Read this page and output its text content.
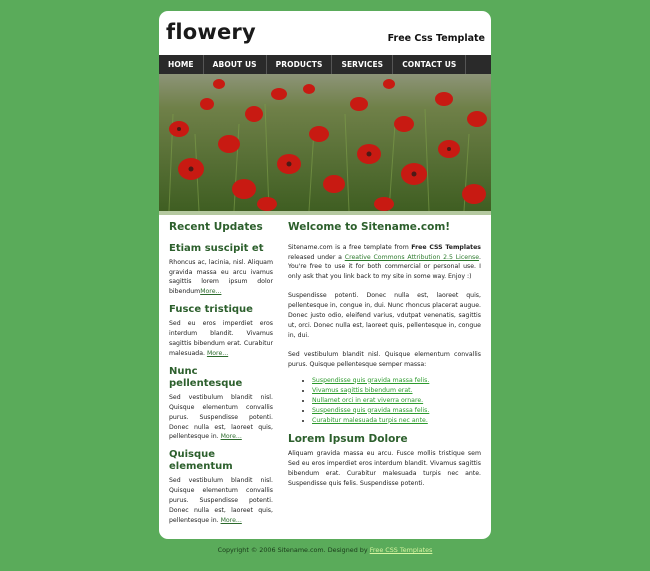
flowery	Free Css Template
HOME	ABOUT US	PRODUCTS	SERVICES	CONTACT US
Recent Updates
Etiam suscipit et

Rhoncus ac, lacinia, nisl. Aliquam gravida massa eu arcu ivamus sagittis lorem ipsum dolor bibendumMore...

Fusce tristique

Sed eu eros imperdiet eros interdum blandit. Vivamus sagittis bibendum erat. Curabitur malesuada. More...

Nunc pellentesque

Sed vestibulum blandit nisl. Quisque elementum convallis purus. Suspendisse potenti. Donec nulla est, laoreet quis, pellentesque in. More...

Quisque elementum

Sed vestibulum blandit nisl. Quisque elementum convallis purus. Suspendisse potenti. Donec nulla est, laoreet quis, pellentesque in. More...

Welcome to Sitename.com!

Sitename.com is a free template from Free CSS Templates released under a Creative Commons Attribution 2.5 License. You're free to use it for both commercial or personal use. I only ask that you link back to my site in some way. Enjoy :)

Suspendisse potenti. Donec nulla est, laoreet quis, pellentesque in, congue in, dui. Nunc rhoncus placerat augue. Donec justo odio, eleifend varius, vdutpat venenatis, sagittis ut, orci. Donec nulla est, laoreet quis, pellentesque in, congue in, dui.

Sed vestibulum blandit nisl. Quisque elementum convallis purus. Quisque pellentesque semper massa:

• Suspendisse quis gravida massa felis.
• Vivamus sagittis bibendum erat.
• Nullamet orci in erat viverra ornare.
• Suspendisse quis gravida massa felis.
• Curabitur malesuada turpis nec ante.
Lorem Ipsum Dolore

Aliquam gravida massa eu arcu. Fusce mollis tristique sem Sed eu eros imperdiet eros interdum blandit. Vivamus sagittis bibendum erat. Curabitur malesuada turpis nec ante. Suspendisse quis felis. Suspendisse potenti.

Copyright © 2006 Sitename.com. Designed by Free CSS Templates
